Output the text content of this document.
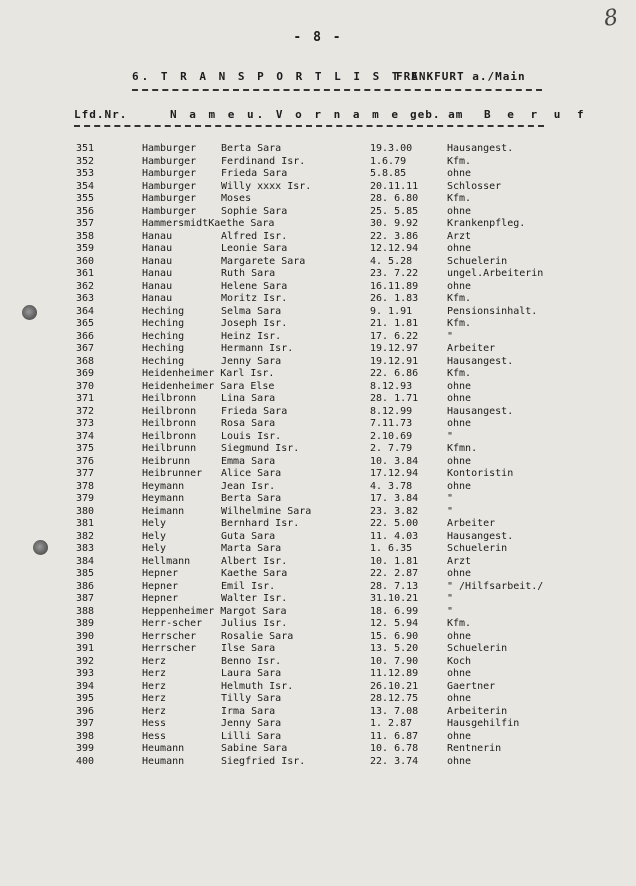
8
- 8 -
6. T R A N S P O R T L I S T E
FRANKFURT a./Main
Lfd.Nr.	N a m e u. V o r n a m e geb. am B e r u f
351	Hamburger Berta Sara	19.3.00	Hausangest.
352	Hamburger Ferdinand Isr.	1.6.79	Kfm.
353	Hamburger Frieda Sara	5.8.85	ohne
354	Hamburger Willy xxxx Isr.	20.11.11	Schlosser
355	Hamburger Moses	28. 6.80	Kfm.
356	Hamburger Sophie Sara	25. 5.85	ohne
357	HammersmidtKaethe Sara	30. 9.92	Krankenpfleg.
358	Hanau	Alfred Isr.	22. 3.86	Arzt
359	Hanau	Leonie Sara	12.12.94	ohne
360	Hanau	Margarete Sara	4. 5.28	Schuelerin
361	Hanau	Ruth Sara	23. 7.22	ungel.Arbeiterin
362	Hanau	Helene Sara	16.11.89	ohne
363	Hanau	Moritz Isr.	26. 1.83	Kfm.
364	Heching	Selma Sara	9. 1.91	Pensionsinhalt.
365	Heching	Joseph Isr.	21. 1.81	Kfm.
366	Heching	Heinz Isr.	17. 6.22	"
367	Heching	Hermann Isr.	19.12.97	Arbeiter
368	Heching	Jenny Sara	19.12.91	Hausangest.
369	Heidenheimer Karl Isr.	22. 6.86	Kfm.
370	Heidenheimer Sara Else	8.12.93	ohne
371	Heilbronn Lina Sara	28. 1.71	ohne
372	Heilbronn Frieda Sara	8.12.99	Hausangest.
373	Heilbronn Rosa Sara	7.11.73	ohne
374	Heilbronn Louis Isr.	2.10.69	"
375	Heilbrunn Siegmund Isr.	2. 7.79	Kfmn.
376	Heibrunn	Emma Sara	10. 3.84	ohne
377	Heibrunner Alice Sara	17.12.94	Kontoristin
378	Heymann	Jean Isr.	4. 3.78	ohne
379	Heymann	Berta Sara	17. 3.84	"
380	Heimann	Wilhelmine Sara	23. 3.82	"
381	Hely	Bernhard Isr.	22. 5.00	Arbeiter
382	Hely	Guta Sara	11. 4.03	Hausangest.
383	Hely	Marta Sara	1. 6.35	Schuelerin
384	Hellmann	Albert Isr.	10. 1.81	Arzt
385	Hepner	Kaethe Sara	22. 2.87	ohne
386	Hepner	Emil Isr.	28. 7.13	" /Hilfsarbeit./
387	Hepner	Walter Isr.	31.10.21	"
388	Heppenheimer Margot Sara	18. 6.99	"
389	Herr-scher Julius Isr.	12. 5.94	Kfm.
390	Herrscher Rosalie Sara	15. 6.90	ohne
391	Herrscher Ilse Sara	13. 5.20	Schuelerin
392	Herz	Benno Isr.	10. 7.90	Koch
393	Herz	Laura Sara	11.12.89	ohne
394	Herz	Helmuth Isr.	26.10.21	Gaertner
395	Herz	Tilly Sara	28.12.75	ohne
396	Herz	Irma Sara	13. 7.08	Arbeiterin
397	Hess	Jenny Sara	1. 2.87	Hausgehilfin
398	Hess	Lilli Sara	11. 6.87	ohne
399	Heumann	Sabine Sara	10. 6.78	Rentnerin
400	Heumann	Siegfried Isr.	22. 3.74	ohne
